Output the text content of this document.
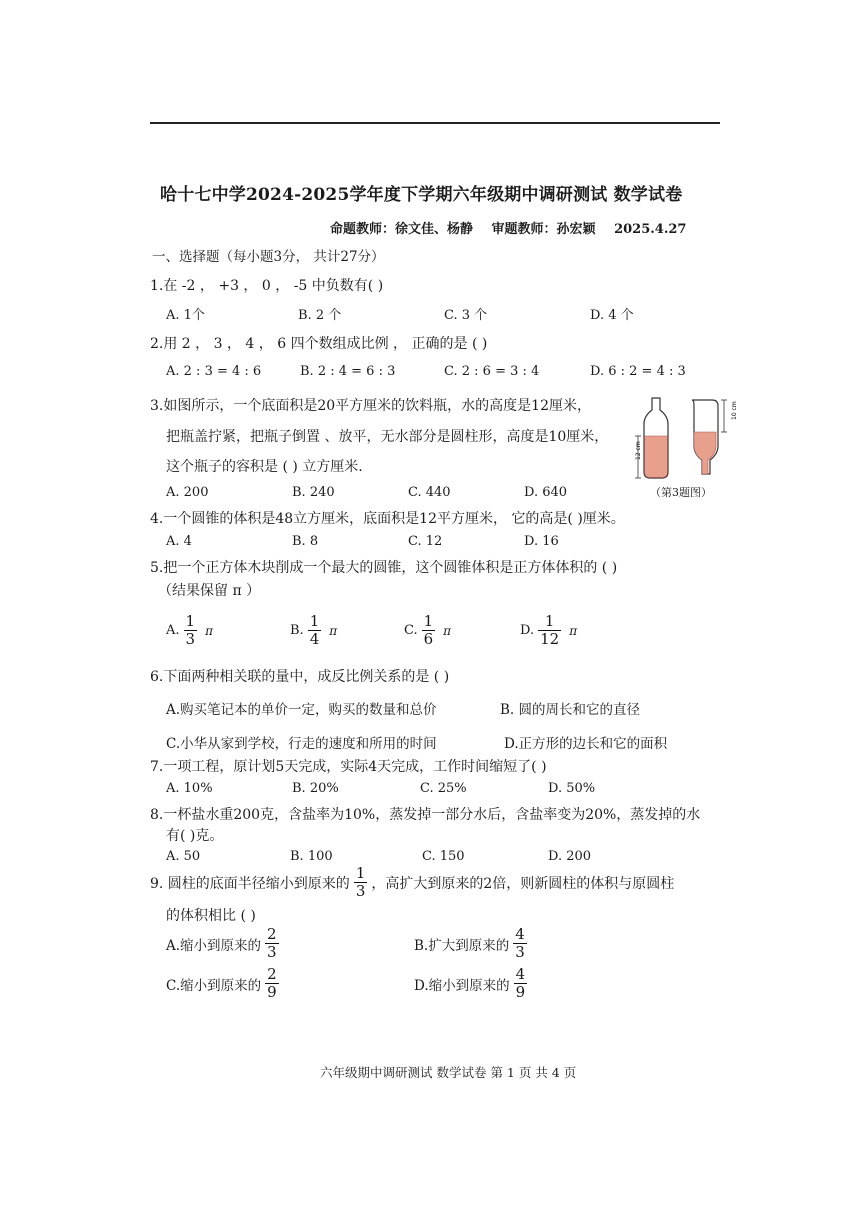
哈十七中学2024-2025学年度下学期六年级期中调研测试 数学试卷
命题教师：徐文佳、杨静 审题教师：孙宏颖 2025.4.27
一、选择题（每小题3分， 共计27分）
1.在 -2 ， +3 ， 0 ， -5 中负数有( )
A. 1个	B. 2 个	C. 3 个	D. 4 个
2.用 2 ， 3 ， 4 ， 6 四个数组成比例 ， 正确的是 ( )
A. 2 : 3 = 4 : 6	B. 2 : 4 = 6 : 3	C. 2 : 6 = 3 : 4	D. 6 : 2 = 4 : 3
3.如图所示，一个底面积是20平方厘米的饮料瓶，水的高度是12厘米，
把瓶盖拧紧，把瓶子倒置 、放平，无水部分是圆柱形，高度是10厘米，
这个瓶子的容积是 ( ) 立方厘米.
A. 200	B. 240	C. 440	D. 640
12 cm
10 cm
（第3题图）
4.一个圆锥的体积是48立方厘米，底面积是12平方厘米， 它的高是( )厘米。
A. 4	B. 8	C. 12	D. 16
5.把一个正方体木块削成一个最大的圆锥，这个圆锥体积是正方体体积的 ( )
（结果保留 π ）
A. $\frac{1}{3}$ π	B. $\frac{1}{4}$ π	C. $\frac{1}{6}$ π	D. $\frac{1}{12}$ π
6.下面两种相关联的量中，成反比例关系的是 ( )
A.购买笔记本的单价一定，购买的数量和总价	B. 圆的周长和它的直径
C.小华从家到学校，行走的速度和所用的时间	D.正方形的边长和它的面积
7.一项工程，原计划5天完成，实际4天完成，工作时间缩短了( )
A. 10%	B. 20%	C. 25%	D. 50%
8.一杯盐水重200克，含盐率为10%，蒸发掉一部分水后，含盐率变为20%，蒸发掉的水
有( )克。
A. 50	B. 100	C. 150	D. 200
9. 圆柱的底面半径缩小到原来的 $\frac{1}{3}$ ，高扩大到原来的2倍，则新圆柱的体积与原圆柱
的体积相比 ( )
A.缩小到原来的 $\frac{2}{3}$	B.扩大到原来的 $\frac{4}{3}$
C.缩小到原来的 $\frac{2}{9}$	D.缩小到原来的 $\frac{4}{9}$
六年级期中调研测试 数学试卷 第 1 页 共 4 页
